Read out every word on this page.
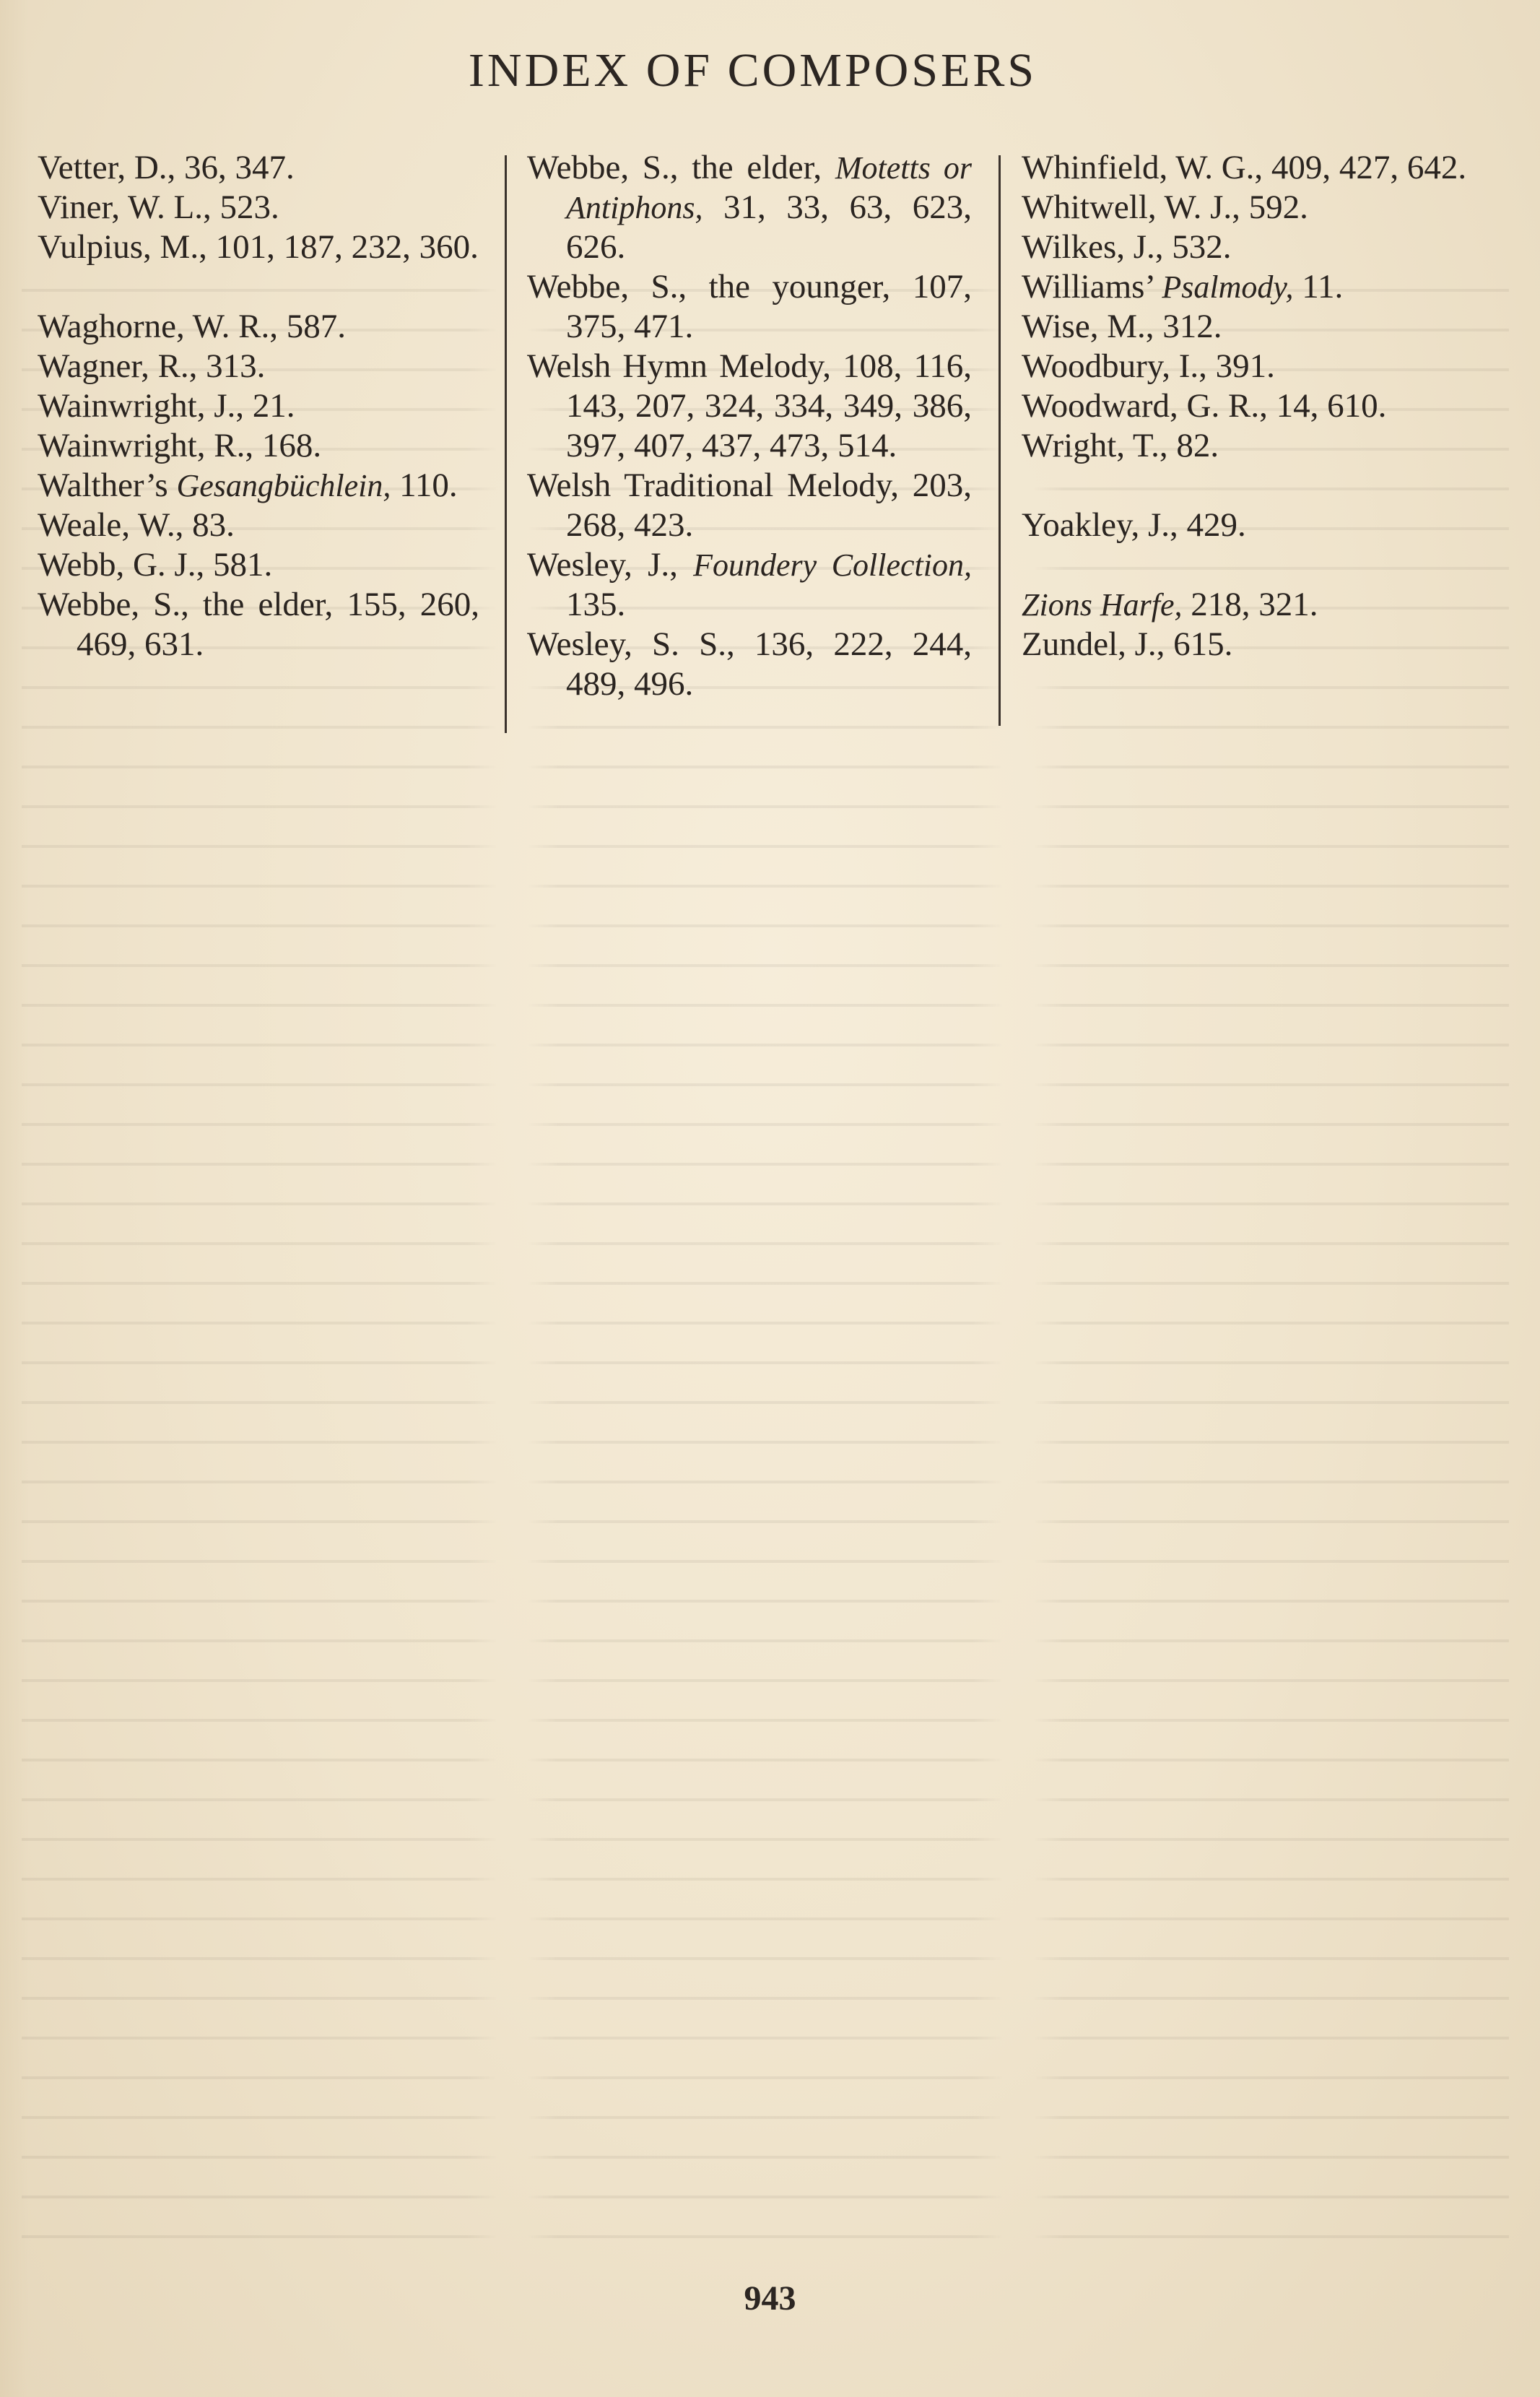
INDEX OF COMPOSERS
Vetter, D., 36, 347.
Viner, W. L., 523.
Vulpius, M., 101, 187, 232, 360.
Waghorne, W. R., 587.
Wagner, R., 313.
Wainwright, J., 21.
Wainwright, R., 168.
Walther’s Gesangbüchlein, 110.
Weale, W., 83.
Webb, G. J., 581.
Webbe, S., the elder, 155, 260, 469, 631.
Webbe, S., the elder, Motetts or Antiphons, 31, 33, 63, 623, 626.
Webbe, S., the younger, 107, 375, 471.
Welsh Hymn Melody, 108, 116, 143, 207, 324, 334, 349, 386, 397, 407, 437, 473, 514.
Welsh Traditional Melody, 203, 268, 423.
Wesley, J., Foundery Collection, 135.
Wesley, S. S., 136, 222, 244, 489, 496.
Whinfield, W. G., 409, 427, 642.
Whitwell, W. J., 592.
Wilkes, J., 532.
Williams’ Psalmody, 11.
Wise, M., 312.
Woodbury, I., 391.
Woodward, G. R., 14, 610.
Wright, T., 82.
Yoakley, J., 429.
Zions Harfe, 218, 321.
Zundel, J., 615.
943
